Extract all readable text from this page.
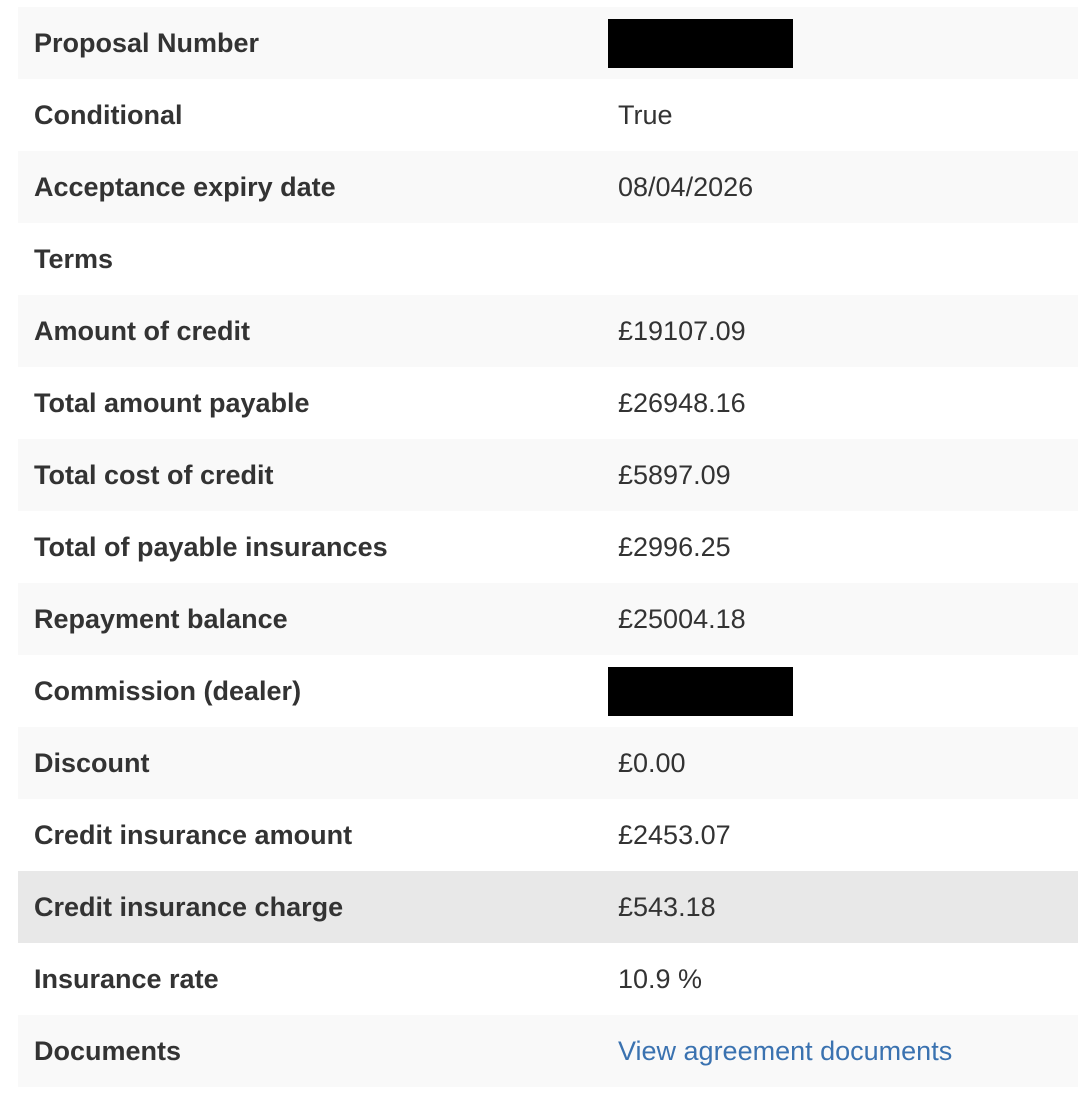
Proposal Number	
Conditional	True
Acceptance expiry date	08/04/2026
Terms	
Amount of credit	£19107.09
Total amount payable	£26948.16
Total cost of credit	£5897.09
Total of payable insurances	£2996.25
Repayment balance	£25004.18
Commission (dealer)	
Discount	£0.00
Credit insurance amount	£2453.07
Credit insurance charge	£543.18
Insurance rate	10.9 %
Documents	View agreement documents
